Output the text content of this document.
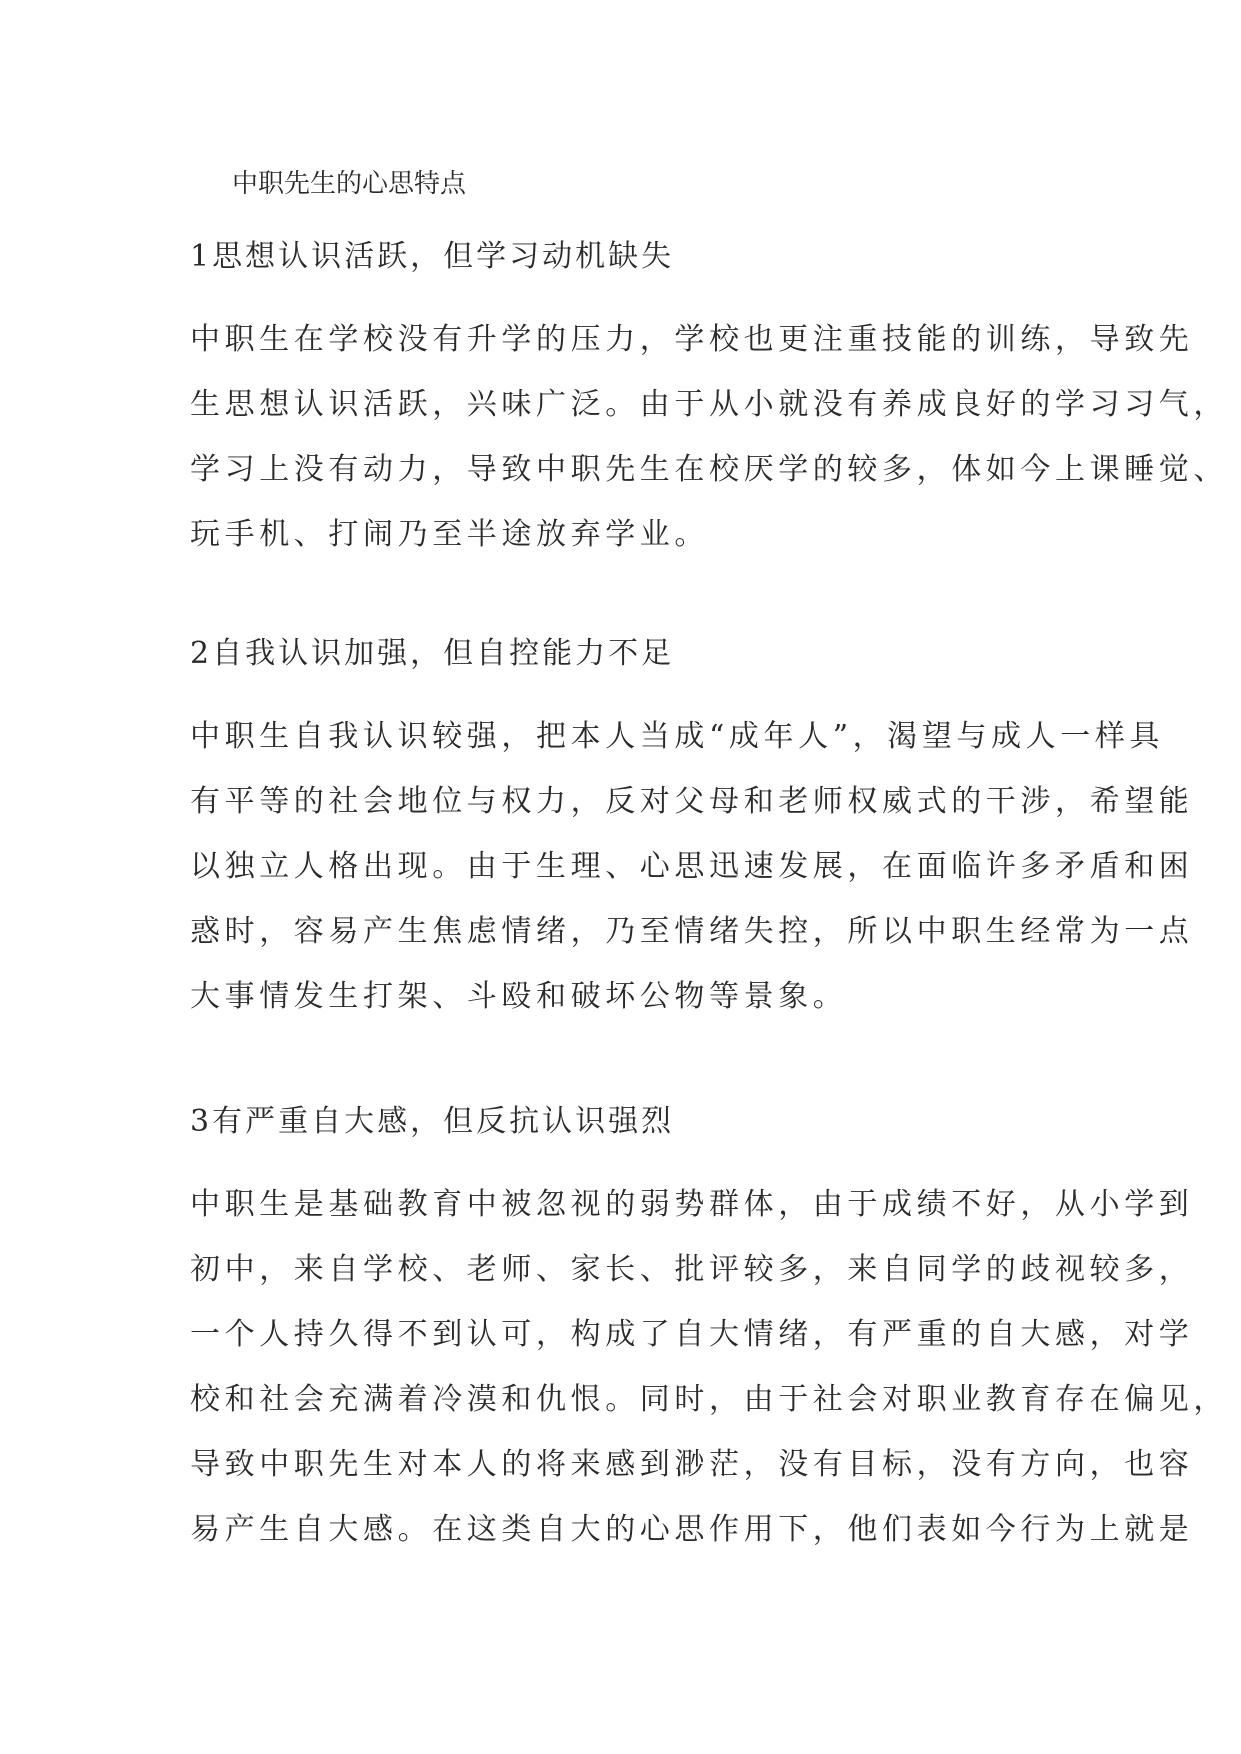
中职先生的心思特点
1思想认识活跃，但学习动机缺失
中职生在学校没有升学的压力，学校也更注重技能的训练，导致先
生思想认识活跃，兴味广泛。由于从小就没有养成良好的学习习气，
学习上没有动力，导致中职先生在校厌学的较多，体如今上课睡觉、
玩手机、打闹乃至半途放弃学业。
2自我认识加强，但自控能力不足
中职生自我认识较强，把本人当成“成年人”，渴望与成人一样具
有平等的社会地位与权力，反对父母和老师权威式的干涉，希望能
以独立人格出现。由于生理、心思迅速发展，在面临许多矛盾和困
惑时，容易产生焦虑情绪，乃至情绪失控，所以中职生经常为一点
大事情发生打架、斗殴和破坏公物等景象。
3有严重自大感，但反抗认识强烈
中职生是基础教育中被忽视的弱势群体，由于成绩不好，从小学到
初中，来自学校、老师、家长、批评较多，来自同学的歧视较多，
一个人持久得不到认可，构成了自大情绪，有严重的自大感，对学
校和社会充满着冷漠和仇恨。同时，由于社会对职业教育存在偏见，
导致中职先生对本人的将来感到渺茫，没有目标，没有方向，也容
易产生自大感。在这类自大的心思作用下，他们表如今行为上就是
